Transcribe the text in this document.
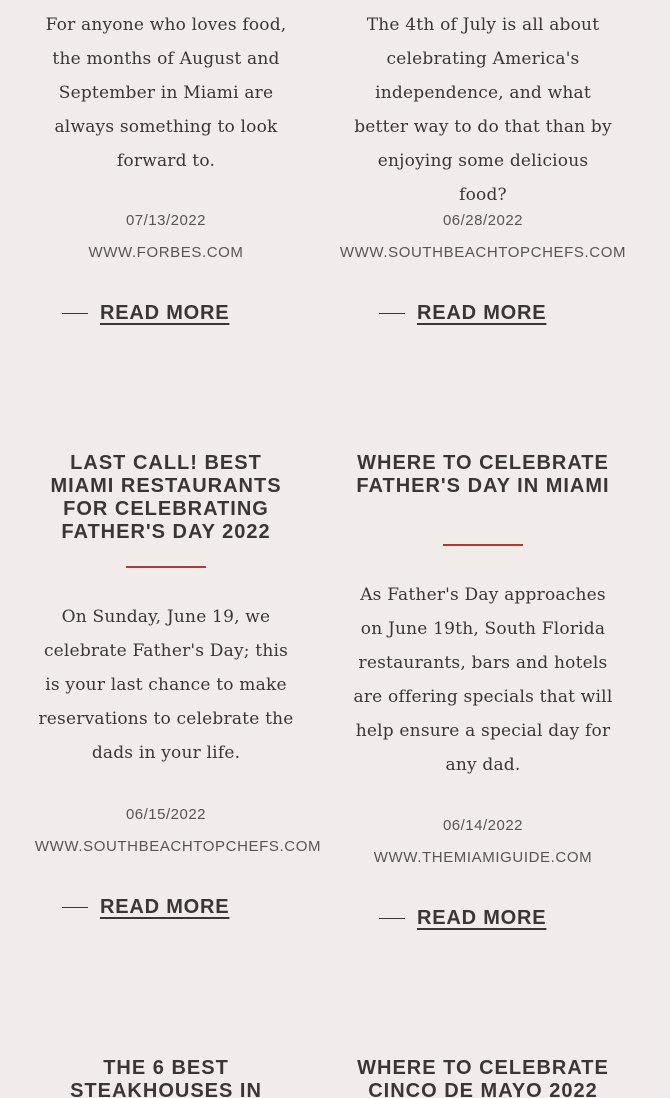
For anyone who loves food, the months of August and September in Miami are always something to look forward to.

07/13/2022
WWW.FORBES.COM
READ MORE

The 4th of July is all about celebrating America's independence, and what better way to do that than by enjoying some delicious food?

06/28/2022
WWW.SOUTHBEACHTOPCHEFS.COM
READ MORE
LAST CALL! BEST MIAMI RESTAURANTS FOR CELEBRATING FATHER'S DAY 2022

On Sunday, June 19, we celebrate Father's Day; this is your last chance to make reservations to celebrate the dads in your life.

06/15/2022
WWW.SOUTHBEACHTOPCHEFS.COM
READ MORE
WHERE TO CELEBRATE FATHER'S DAY IN MIAMI

As Father's Day approaches on June 19th, South Florida restaurants, bars and hotels are offering specials that will help ensure a special day for any dad.

06/14/2022
WWW.THEMIAMIGUIDE.COM
READ MORE
THE 6 BEST STEAKHOUSES IN
WHERE TO CELEBRATE CINCO DE MAYO 2022
